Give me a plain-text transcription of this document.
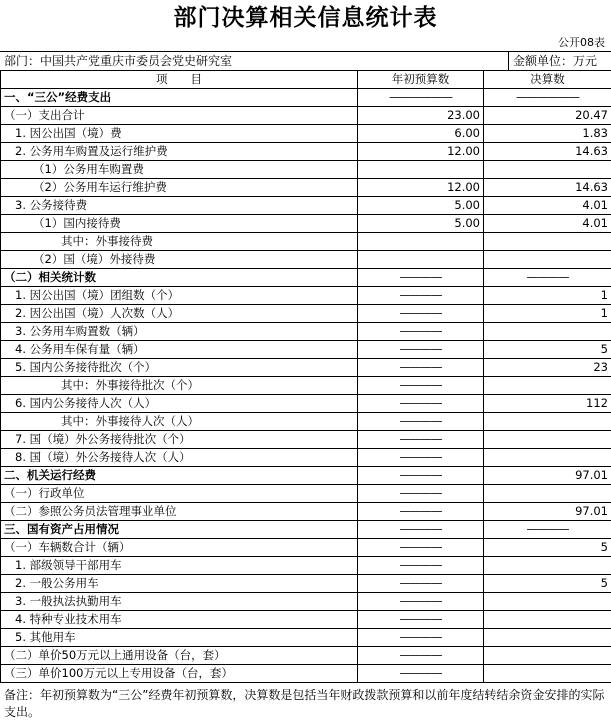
部门决算相关信息统计表
公开08表
部门：中国共产党重庆市委员会党史研究室	金额单位：万元
项　　目	年初预算数	决算数
一、“三公”经费支出	——————	——————
（一）支出合计	23.00	20.47
1. 因公出国（境）费	6.00	1.83
2. 公务用车购置及运行维护费	12.00	14.63
（1）公务用车购置费		
（2）公务用车运行维护费	12.00	14.63
3. 公务接待费	5.00	4.01
（1）国内接待费	5.00	4.01
其中：外事接待费		
（2）国（境）外接待费		
（二）相关统计数	————	————
1. 因公出国（境）团组数（个）	————	1
2. 因公出国（境）人次数（人）	————	1
3. 公务用车购置数（辆）	————	
4. 公务用车保有量（辆）	————	5
5. 国内公务接待批次（个）	————	23
其中：外事接待批次（个）	————	
6. 国内公务接待人次（人）	————	112
其中：外事接待人次（人）	————	
7. 国（境）外公务接待批次（个）	————	
8. 国（境）外公务接待人次（人）	————	
二、机关运行经费	————	97.01
（一）行政单位	————	
（二）参照公务员法管理事业单位	————	97.01
三、国有资产占用情况	————	————
（一）车辆数合计（辆）	————	5
1. 部级领导干部用车	————	
2. 一般公务用车	————	5
3. 一般执法执勤用车	————	
4. 特种专业技术用车	————	
5. 其他用车	————	
（二）单价50万元以上通用设备（台，套）	————	
（三）单价100万元以上专用设备（台，套）	————	
备注：年初预算数为“三公”经费年初预算数，决算数是包括当年财政拨款预算和以前年度结转结余资金安排的实际支出。
